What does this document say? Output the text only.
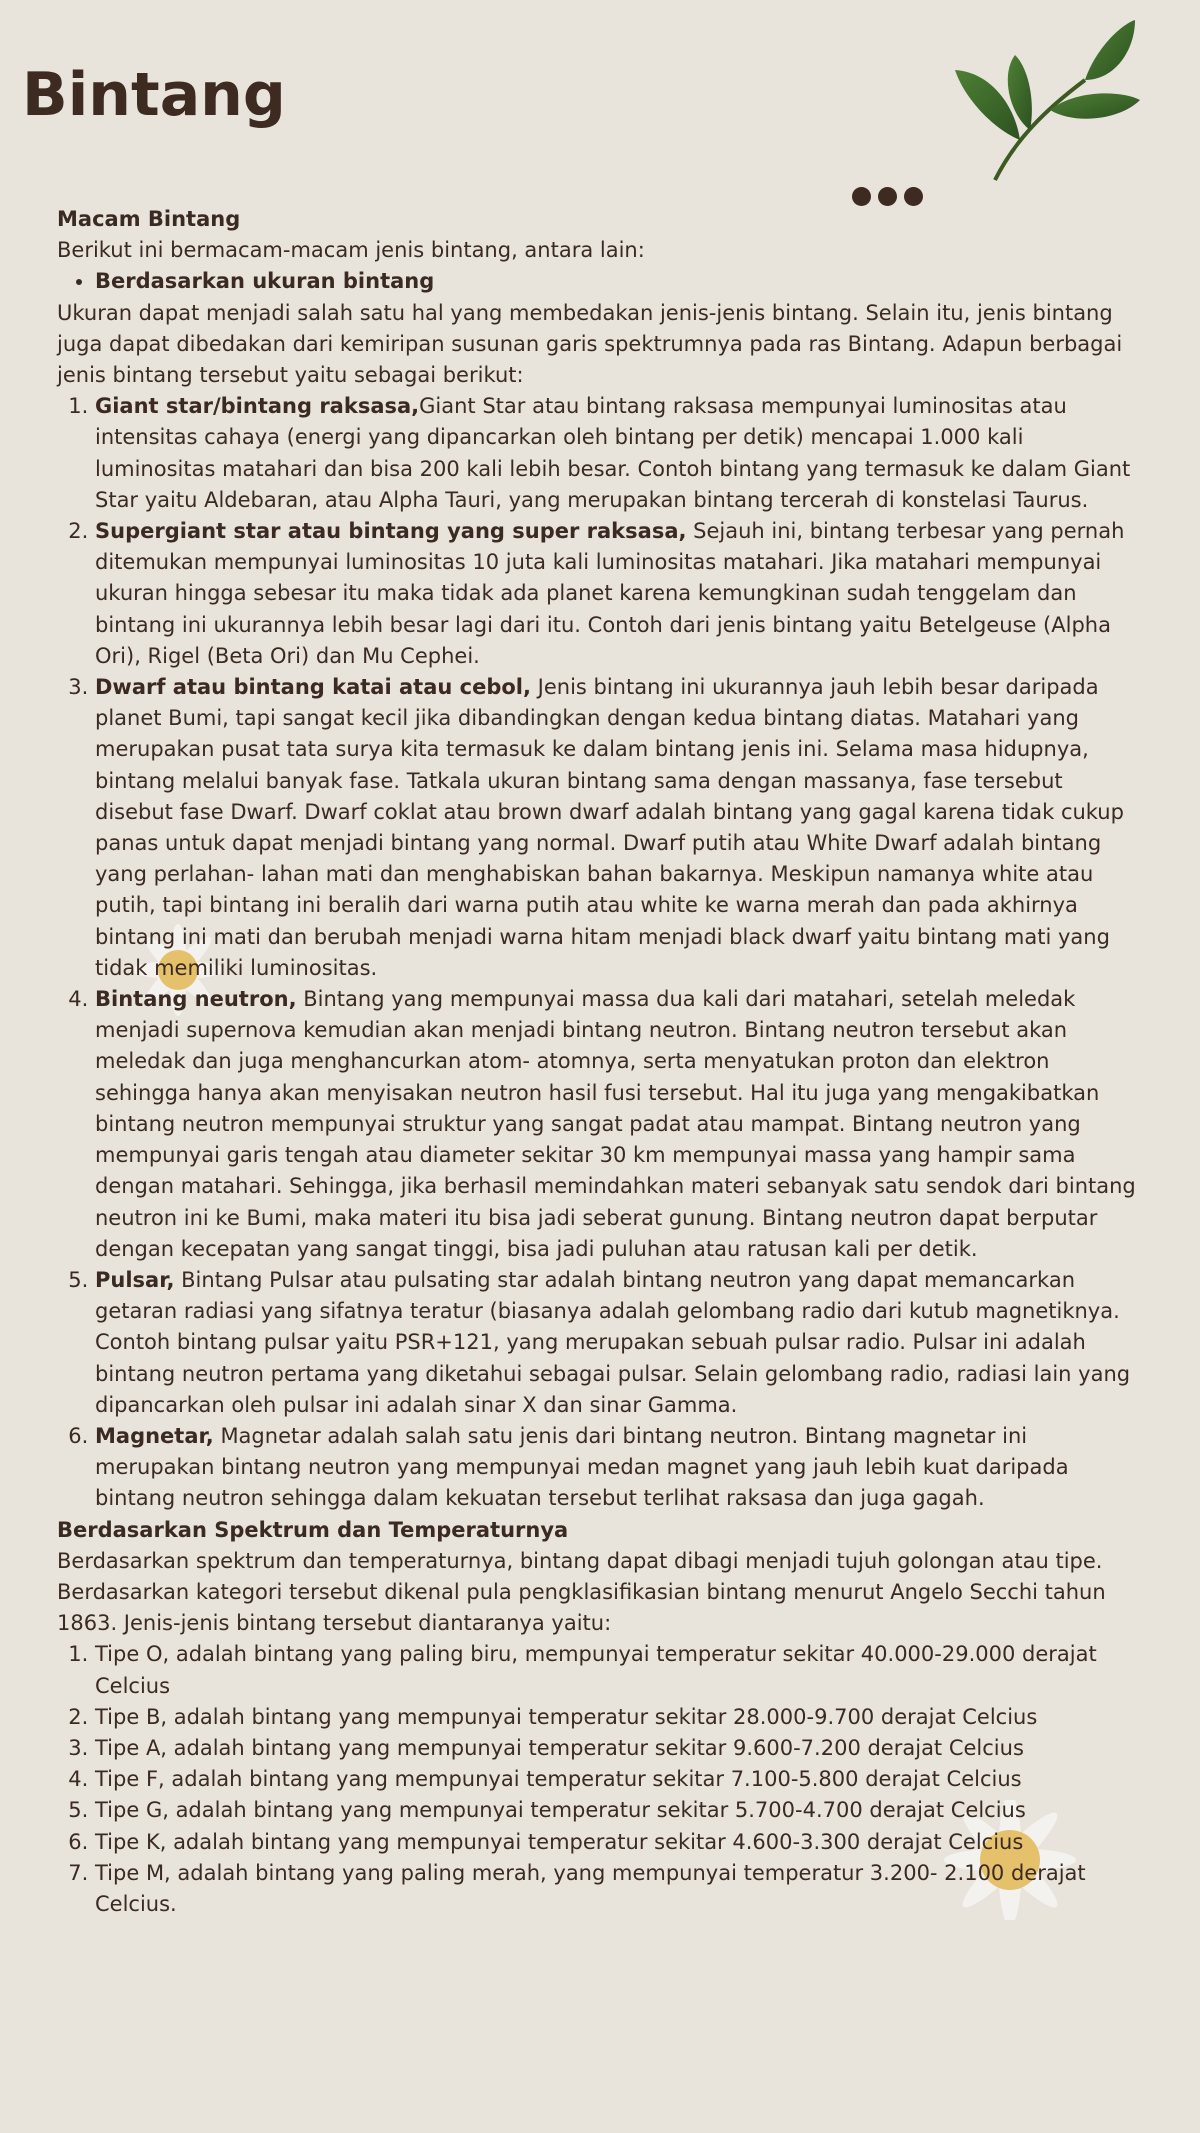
Bintang

Macam Bintang

Berikut ini bermacam-macam jenis bintang, antara lain:

• Berdasarkan ukuran bintang

Ukuran dapat menjadi salah satu hal yang membedakan jenis-jenis bintang. Selain itu, jenis bintang juga dapat dibedakan dari kemiripan susunan garis spektrumnya pada ras Bintang. Adapun berbagai jenis bintang tersebut yaitu sebagai berikut:

1. Giant star/bintang raksasa,Giant Star atau bintang raksasa mempunyai luminositas atau intensitas cahaya (energi yang dipancarkan oleh bintang per detik) mencapai 1.000 kali luminositas matahari dan bisa 200 kali lebih besar. Contoh bintang yang termasuk ke dalam Giant Star yaitu Aldebaran, atau Alpha Tauri, yang merupakan bintang tercerah di konstelasi Taurus.
2. Supergiant star atau bintang yang super raksasa, Sejauh ini, bintang terbesar yang pernah ditemukan mempunyai luminositas 10 juta kali luminositas matahari. Jika matahari mempunyai ukuran hingga sebesar itu maka tidak ada planet karena kemungkinan sudah tenggelam dan bintang ini ukurannya lebih besar lagi dari itu. Contoh dari jenis bintang yaitu Betelgeuse (Alpha Ori), Rigel (Beta Ori) dan Mu Cephei.
3. Dwarf atau bintang katai atau cebol, Jenis bintang ini ukurannya jauh lebih besar daripada planet Bumi, tapi sangat kecil jika dibandingkan dengan kedua bintang diatas. Matahari yang merupakan pusat tata surya kita termasuk ke dalam bintang jenis ini. Selama masa hidupnya, bintang melalui banyak fase. Tatkala ukuran bintang sama dengan massanya, fase tersebut disebut fase Dwarf. Dwarf coklat atau brown dwarf adalah bintang yang gagal karena tidak cukup panas untuk dapat menjadi bintang yang normal. Dwarf putih atau White Dwarf adalah bintang yang perlahan- lahan mati dan menghabiskan bahan bakarnya. Meskipun namanya white atau putih, tapi bintang ini beralih dari warna putih atau white ke warna merah dan pada akhirnya bintang ini mati dan berubah menjadi warna hitam menjadi black dwarf yaitu bintang mati yang tidak memiliki luminositas.
4. Bintang neutron, Bintang yang mempunyai massa dua kali dari matahari, setelah meledak menjadi supernova kemudian akan menjadi bintang neutron. Bintang neutron tersebut akan meledak dan juga menghancurkan atom- atomnya, serta menyatukan proton dan elektron sehingga hanya akan menyisakan neutron hasil fusi tersebut. Hal itu juga yang mengakibatkan bintang neutron mempunyai struktur yang sangat padat atau mampat. Bintang neutron yang mempunyai garis tengah atau diameter sekitar 30 km mempunyai massa yang hampir sama dengan matahari. Sehingga, jika berhasil memindahkan materi sebanyak satu sendok dari bintang neutron ini ke Bumi, maka materi itu bisa jadi seberat gunung. Bintang neutron dapat berputar dengan kecepatan yang sangat tinggi, bisa jadi puluhan atau ratusan kali per detik.
5. Pulsar, Bintang Pulsar atau pulsating star adalah bintang neutron yang dapat memancarkan getaran radiasi yang sifatnya teratur (biasanya adalah gelombang radio dari kutub magnetiknya. Contoh bintang pulsar yaitu PSR+121, yang merupakan sebuah pulsar radio. Pulsar ini adalah bintang neutron pertama yang diketahui sebagai pulsar. Selain gelombang radio, radiasi lain yang dipancarkan oleh pulsar ini adalah sinar X dan sinar Gamma.
6. Magnetar, Magnetar adalah salah satu jenis dari bintang neutron. Bintang magnetar ini merupakan bintang neutron yang mempunyai medan magnet yang jauh lebih kuat daripada bintang neutron sehingga dalam kekuatan tersebut terlihat raksasa dan juga gagah.

Berdasarkan Spektrum dan Temperaturnya

Berdasarkan spektrum dan temperaturnya, bintang dapat dibagi menjadi tujuh golongan atau tipe. Berdasarkan kategori tersebut dikenal pula pengklasifikasian bintang menurut Angelo Secchi tahun 1863. Jenis-jenis bintang tersebut diantaranya yaitu:

1. Tipe O, adalah bintang yang paling biru, mempunyai temperatur sekitar 40.000-29.000 derajat Celcius
2. Tipe B, adalah bintang yang mempunyai temperatur sekitar 28.000-9.700 derajat Celcius
3. Tipe A, adalah bintang yang mempunyai temperatur sekitar 9.600-7.200 derajat Celcius
4. Tipe F, adalah bintang yang mempunyai temperatur sekitar 7.100-5.800 derajat Celcius
5. Tipe G, adalah bintang yang mempunyai temperatur sekitar 5.700-4.700 derajat Celcius
6. Tipe K, adalah bintang yang mempunyai temperatur sekitar 4.600-3.300 derajat Celcius
7. Tipe M, adalah bintang yang paling merah, yang mempunyai temperatur 3.200- 2.100 derajat Celcius.
